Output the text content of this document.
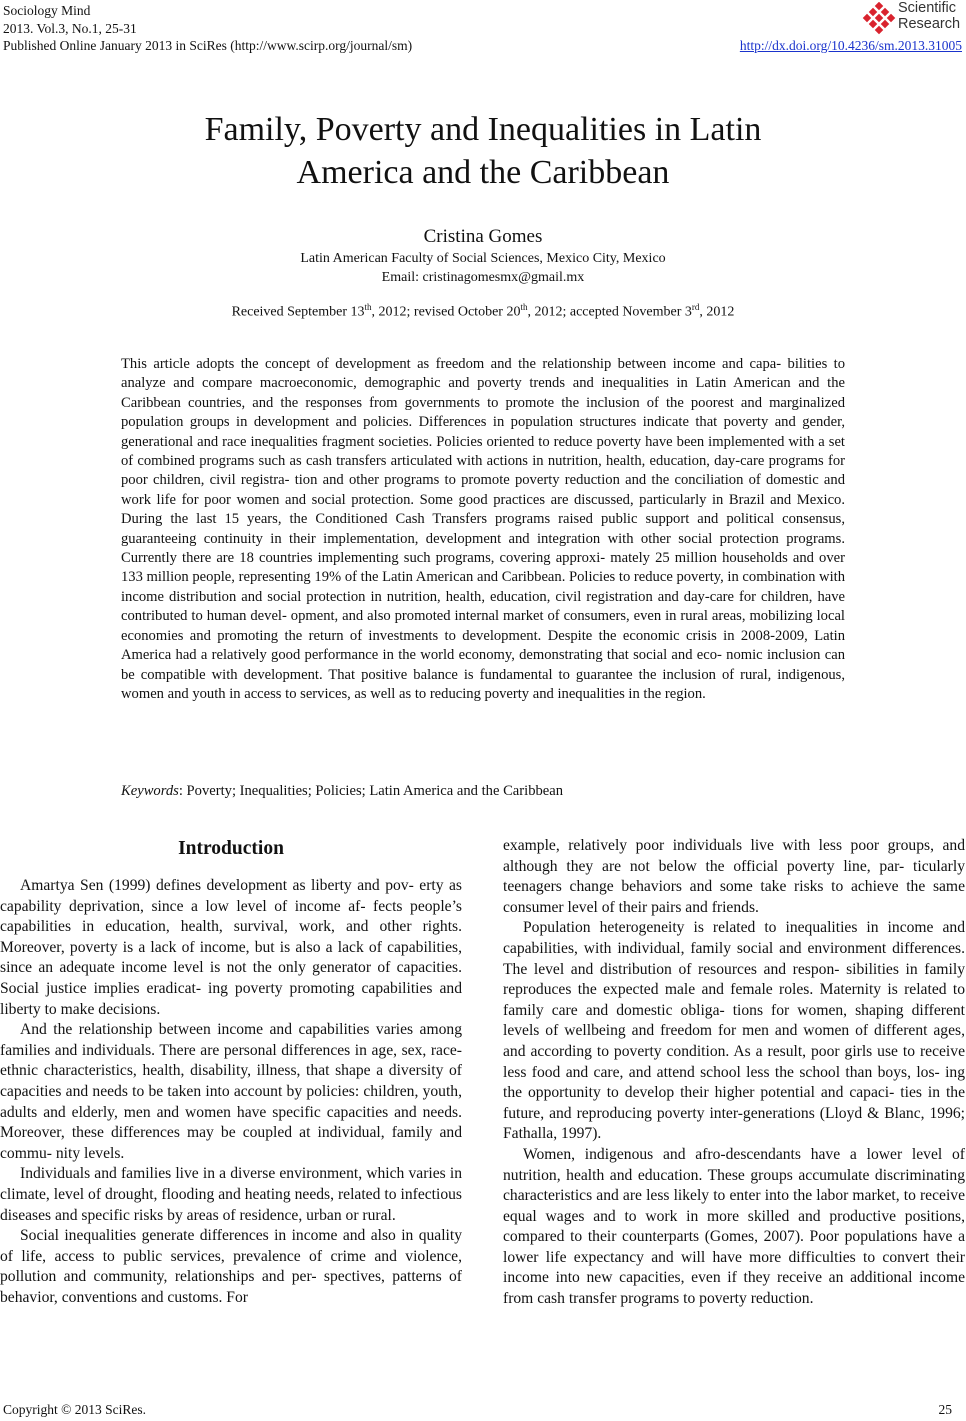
Sociology Mind
2013. Vol.3, No.1, 25-31
Published Online January 2013 in SciRes (http://www.scirp.org/journal/sm)
Scientific
Research
http://dx.doi.org/10.4236/sm.2013.31005
Family, Poverty and Inequalities in Latin
America and the Caribbean
Cristina Gomes
Latin American Faculty of Social Sciences, Mexico City, Mexico
Email: cristinagomesmx@gmail.mx
Received September 13th, 2012; revised October 20th, 2012; accepted November 3rd, 2012
This article adopts the concept of development as freedom and the relationship between income and capa- bilities to analyze and compare macroeconomic, demographic and poverty trends and inequalities in Latin American and the Caribbean countries, and the responses from governments to promote the inclusion of the poorest and marginalized population groups in development and policies. Differences in population structures indicate that poverty and gender, generational and race inequalities fragment societies. Policies oriented to reduce poverty have been implemented with a set of combined programs such as cash transfers articulated with actions in nutrition, health, education, day-care programs for poor children, civil registra- tion and other programs to promote poverty reduction and the conciliation of domestic and work life for poor women and social protection. Some good practices are discussed, particularly in Brazil and Mexico. During the last 15 years, the Conditioned Cash Transfers programs raised public support and political consensus, guaranteeing continuity in their implementation, development and integration with other social protection programs. Currently there are 18 countries implementing such programs, covering approxi- mately 25 million households and over 133 million people, representing 19% of the Latin American and Caribbean. Policies to reduce poverty, in combination with income distribution and social protection in nutrition, health, education, civil registration and day-care for children, have contributed to human devel- opment, and also promoted internal market of consumers, even in rural areas, mobilizing local economies and promoting the return of investments to development. Despite the economic crisis in 2008-2009, Latin America had a relatively good performance in the world economy, demonstrating that social and eco- nomic inclusion can be compatible with development. That positive balance is fundamental to guarantee the inclusion of rural, indigenous, women and youth in access to services, as well as to reducing poverty and inequalities in the region.
Keywords: Poverty; Inequalities; Policies; Latin America and the Caribbean
Introduction

Amartya Sen (1999) defines development as liberty and pov- erty as capability deprivation, since a low level of income af- fects people’s capabilities in education, health, survival, work, and other rights. Moreover, poverty is a lack of income, but is also a lack of capabilities, since an adequate income level is not the only generator of capacities. Social justice implies eradicat- ing poverty promoting capabilities and liberty to make decisions.

And the relationship between income and capabilities varies among families and individuals. There are personal differences in age, sex, race-ethnic characteristics, health, disability, illness, that shape a diversity of capacities and needs to be taken into account by policies: children, youth, adults and elderly, men and women have specific capacities and needs. Moreover, these differences may be coupled at individual, family and commu- nity levels.

Individuals and families live in a diverse environment, which varies in climate, level of drought, flooding and heating needs, related to infectious diseases and specific risks by areas of residence, urban or rural.

Social inequalities generate differences in income and also in quality of life, access to public services, prevalence of crime and violence, pollution and community, relationships and per- spectives, patterns of behavior, conventions and customs. For

example, relatively poor individuals live with less poor groups, and although they are not below the official poverty line, par- ticularly teenagers change behaviors and some take risks to achieve the same consumer level of their pairs and friends.

Population heterogeneity is related to inequalities in income and capabilities, with individual, family social and environment differences. The level and distribution of resources and respon- sibilities in family reproduces the expected male and female roles. Maternity is related to family care and domestic obliga- tions for women, shaping different levels of wellbeing and freedom for men and women of different ages, and according to poverty condition. As a result, poor girls use to receive less food and care, and attend school less the school than boys, los- ing the opportunity to develop their higher potential and capaci- ties in the future, and reproducing poverty inter-generations (Lloyd & Blanc, 1996; Fathalla, 1997).

Women, indigenous and afro-descendants have a lower level of nutrition, health and education. These groups accumulate discriminating characteristics and are less likely to enter into the labor market, to receive equal wages and to work in more skilled and productive positions, compared to their counterparts (Gomes, 2007). Poor populations have a lower life expectancy and will have more difficulties to convert their income into new capacities, even if they receive an additional income from cash transfer programs to poverty reduction.

Copyright © 2013 SciRes.	25
